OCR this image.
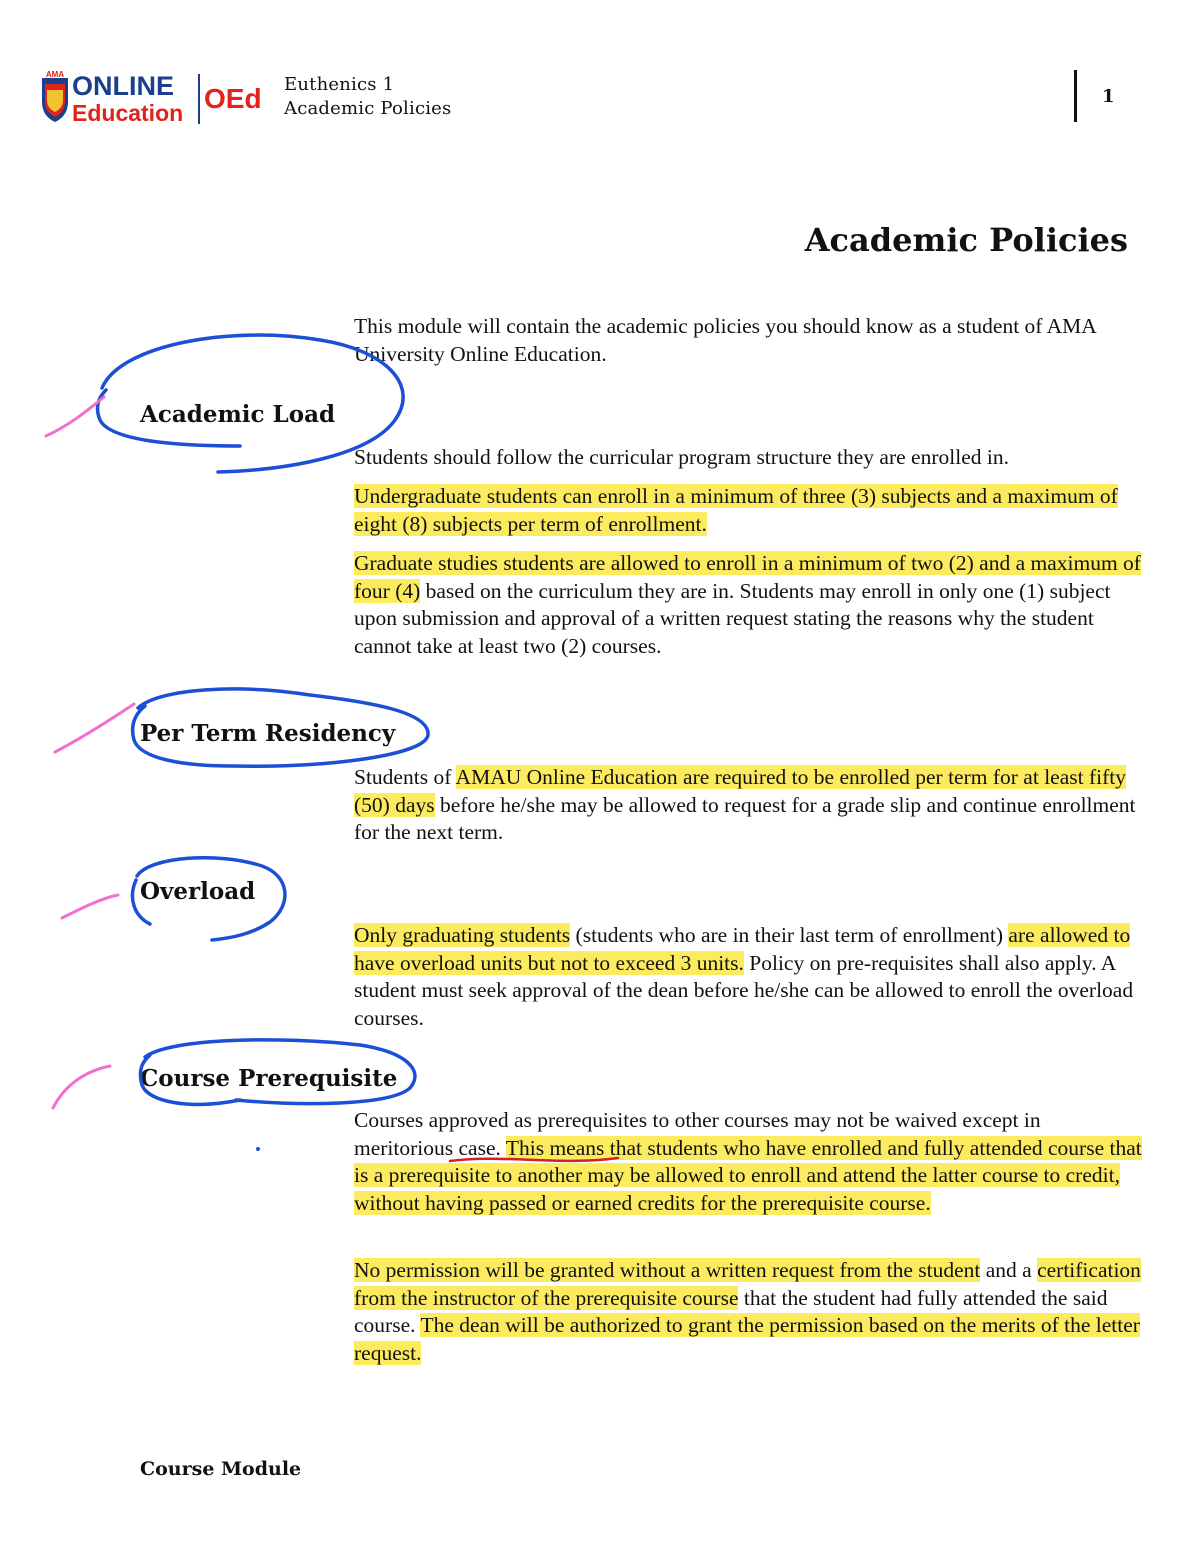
AMA ONLINE
Education OEd Euthenics 1
Academic Policies
1
Academic Policies
This module will contain the academic policies you should know as a student of AMA University Online Education.
Academic Load
Students should follow the curricular program structure they are enrolled in.
Undergraduate students can enroll in a minimum of three (3) subjects and a maximum of eight (8) subjects per term of enrollment.
Graduate studies students are allowed to enroll in a minimum of two (2) and a maximum of four (4) based on the curriculum they are in. Students may enroll in only one (1) subject upon submission and approval of a written request stating the reasons why the student cannot take at least two (2) courses.
Per Term Residency
Students of AMAU Online Education are required to be enrolled per term for at least fifty (50) days before he/she may be allowed to request for a grade slip and continue enrollment for the next term.
Overload
Only graduating students (students who are in their last term of enrollment) are allowed to have overload units but not to exceed 3 units. Policy on pre-requisites shall also apply. A student must seek approval of the dean before he/she can be allowed to enroll the overload courses.
Course Prerequisite
Courses approved as prerequisites to other courses may not be waived except in meritorious case. This means that students who have enrolled and fully attended course that is a prerequisite to another may be allowed to enroll and attend the latter course to credit, without having passed or earned credits for the prerequisite course.
No permission will be granted without a written request from the student and a certification from the instructor of the prerequisite course that the student had fully attended the said course. The dean will be authorized to grant the permission based on the merits of the letter request.
Course Module
